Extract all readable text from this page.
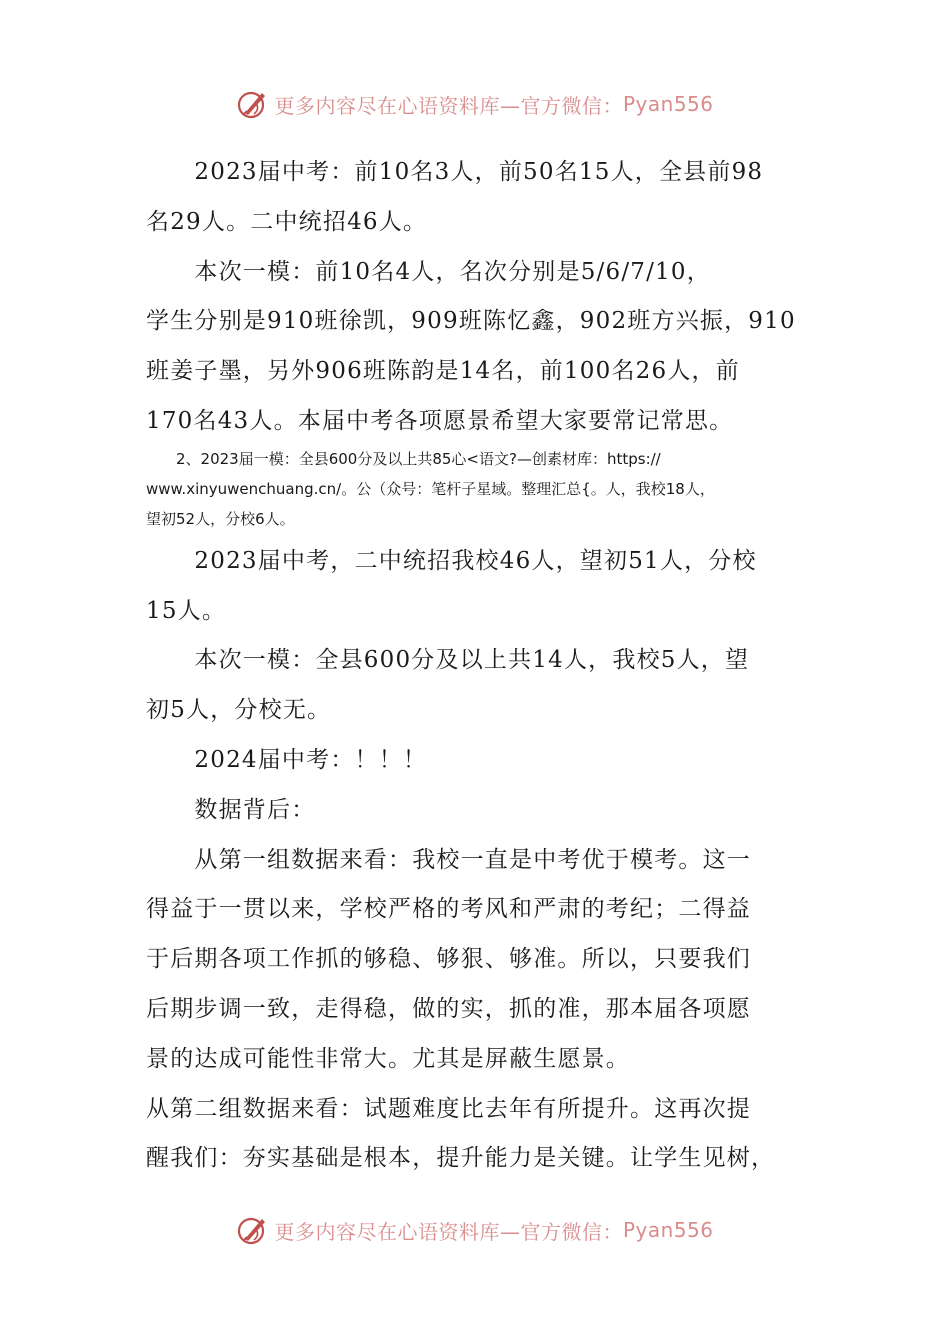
更多内容尽在心语资料库—官方微信： Pyan556

　　2023届中考：前10名3人，前50名15人，全县前98

名29人。二中统招46人。

　　本次一模：前10名4人，名次分别是5/6/7/10，

学生分别是910班徐凯，909班陈忆鑫，902班方兴振，910

班姜子墨，另外906班陈韵是14名，前100名26人，前

170名43人。本届中考各项愿景希望大家要常记常思。

　　2、2023届一模：全县600分及以上共85心<语文?—创素材库：https://

www.xinyuwenchuang.cn/。公（众号：笔杆子星域。整理汇总{。人，我校18人，

望初52人，分校6人。

　　2023届中考，二中统招我校46人，望初51人，分校

15人。

　　本次一模：全县600分及以上共14人，我校5人，望

初5人，分校无。

　　2024届中考：！！！

　　数据背后：

　　从第一组数据来看：我校一直是中考优于模考。这一

得益于一贯以来，学校严格的考风和严肃的考纪；二得益

于后期各项工作抓的够稳、够狠、够准。所以，只要我们

后期步调一致，走得稳，做的实，抓的准，那本届各项愿

景的达成可能性非常大。尤其是屏蔽生愿景。

从第二组数据来看：试题难度比去年有所提升。这再次提

醒我们：夯实基础是根本，提升能力是关键。让学生见树，

更多内容尽在心语资料库—官方微信： Pyan556
